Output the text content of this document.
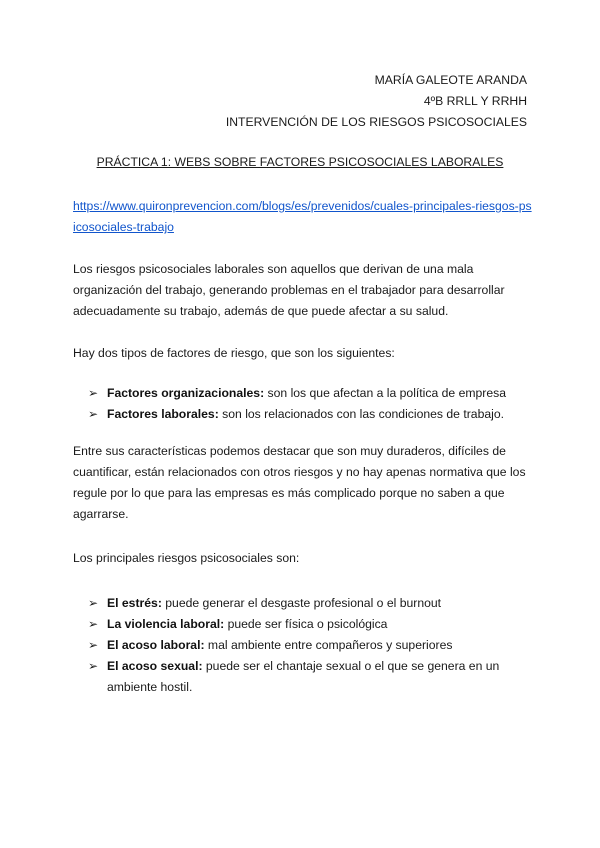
MARÍA GALEOTE ARANDA
4ºB RRLL Y RRHH
INTERVENCIÓN DE LOS RIESGOS PSICOSOCIALES
PRÁCTICA 1: WEBS SOBRE FACTORES PSICOSOCIALES LABORALES
https://www.quironprevencion.com/blogs/es/prevenidos/cuales-principales-riesgos-psicosociales-trabajo
Los riesgos psicosociales laborales son aquellos que derivan de una mala organización del trabajo, generando problemas en el trabajador para desarrollar adecuadamente su trabajo, además de que puede afectar a su salud.
Hay dos tipos de factores de riesgo, que son los siguientes:
➢ Factores organizacionales: son los que afectan a la política de empresa
➢ Factores laborales: son los relacionados con las condiciones de trabajo.
Entre sus características podemos destacar que son muy duraderos, difíciles de cuantificar, están relacionados con otros riesgos y no hay apenas normativa que los regule por lo que para las empresas es más complicado porque no saben a que agarrarse.
Los principales riesgos psicosociales son:
➢ El estrés: puede generar el desgaste profesional o el burnout
➢ La violencia laboral: puede ser física o psicológica
➢ El acoso laboral: mal ambiente entre compañeros y superiores
➢ El acoso sexual: puede ser el chantaje sexual o el que se genera en un ambiente hostil.
